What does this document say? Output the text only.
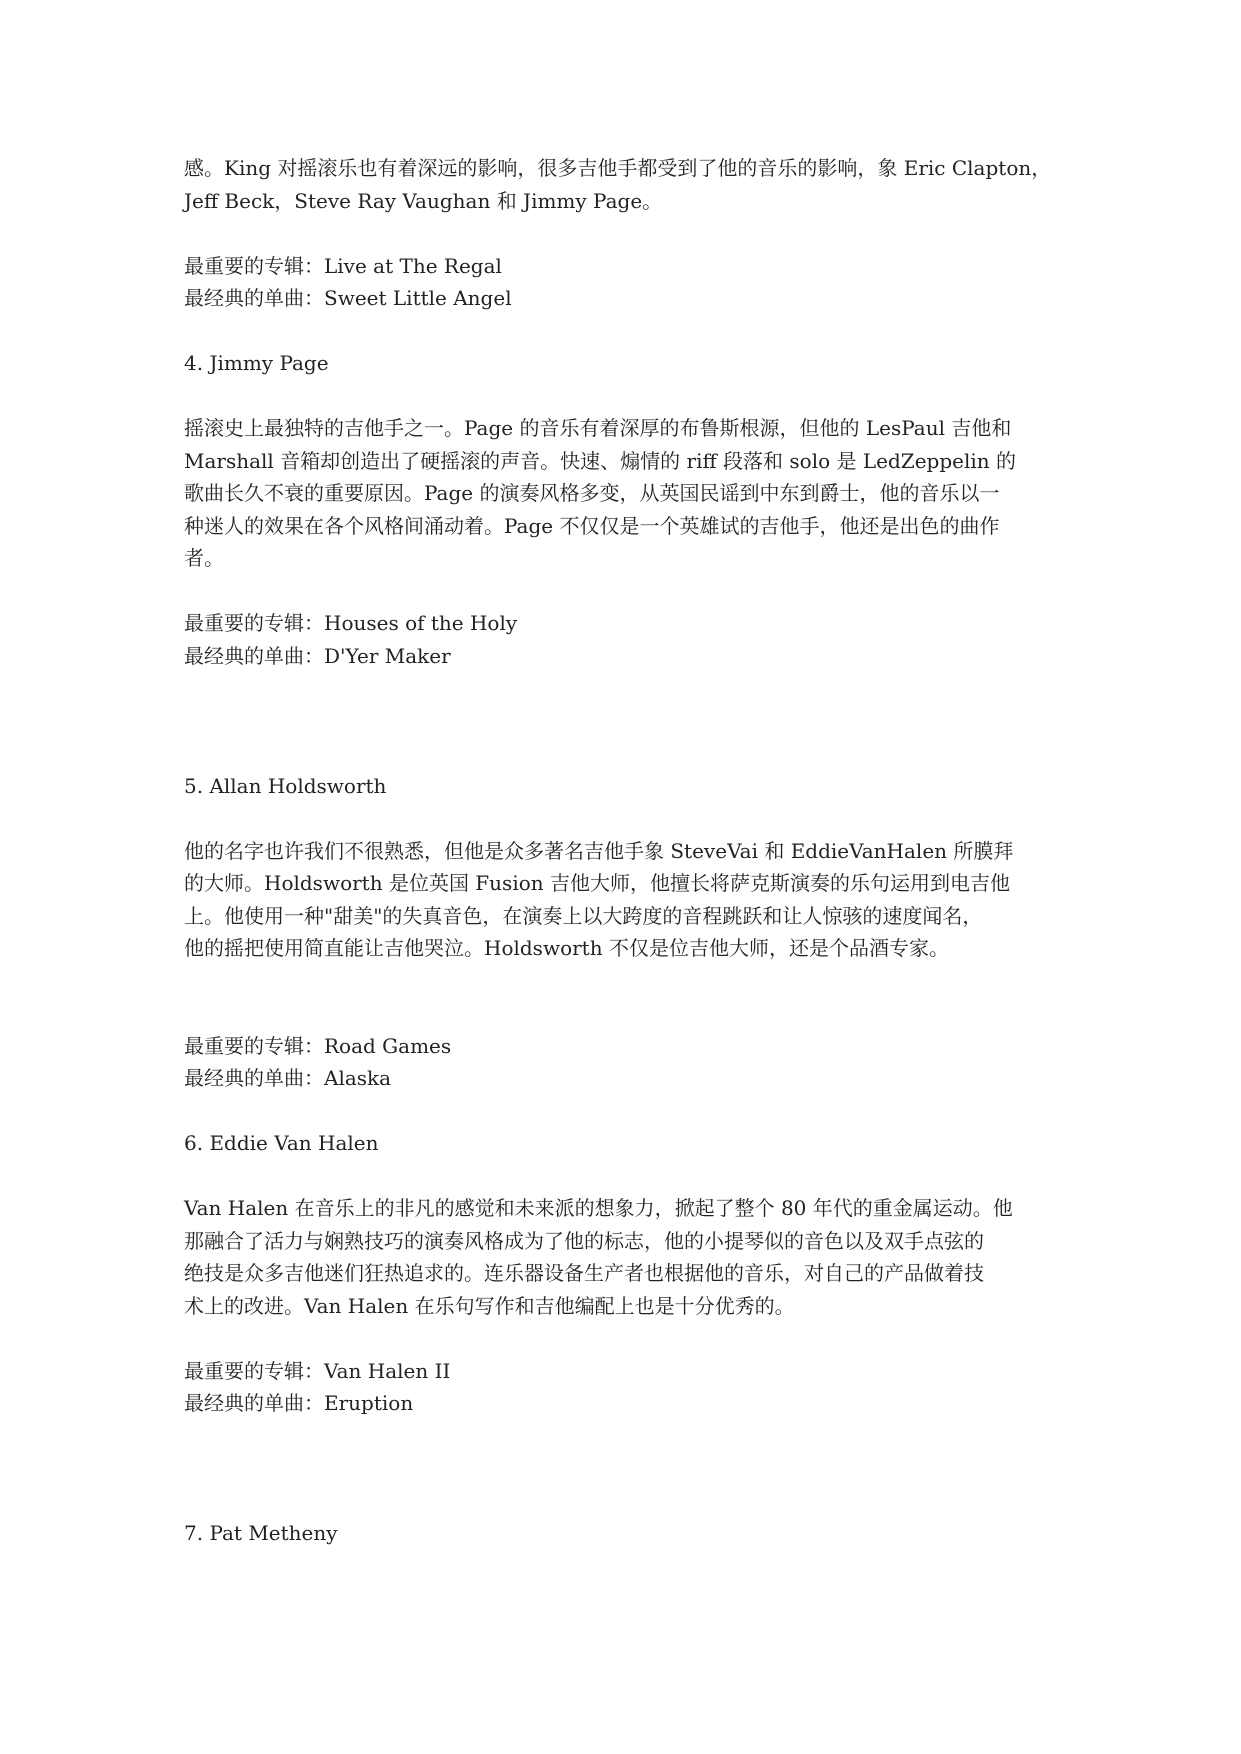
感。King 对摇滚乐也有着深远的影响，很多吉他手都受到了他的音乐的影响，象 Eric Clapton，
Jeff Beck，Steve Ray Vaughan 和 Jimmy Page。
最重要的专辑：Live at The Regal
最经典的单曲：Sweet Little Angel
4. Jimmy Page
摇滚史上最独特的吉他手之一。Page 的音乐有着深厚的布鲁斯根源，但他的 LesPaul 吉他和
Marshall 音箱却创造出了硬摇滚的声音。快速、煽情的 riff 段落和 solo 是 LedZeppelin 的
歌曲长久不衰的重要原因。Page 的演奏风格多变，从英国民谣到中东到爵士，他的音乐以一
种迷人的效果在各个风格间涌动着。Page 不仅仅是一个英雄试的吉他手，他还是出色的曲作
者。
最重要的专辑：Houses of the Holy
最经典的单曲：D'Yer Maker
5. Allan Holdsworth
他的名字也许我们不很熟悉，但他是众多著名吉他手象 SteveVai 和 EddieVanHalen 所膜拜
的大师。Holdsworth 是位英国 Fusion 吉他大师，他擅长将萨克斯演奏的乐句运用到电吉他
上。他使用一种"甜美"的失真音色，在演奏上以大跨度的音程跳跃和让人惊骇的速度闻名，
他的摇把使用简直能让吉他哭泣。Holdsworth 不仅是位吉他大师，还是个品酒专家。
最重要的专辑：Road Games
最经典的单曲：Alaska
6. Eddie Van Halen
Van Halen 在音乐上的非凡的感觉和未来派的想象力，掀起了整个 80 年代的重金属运动。他
那融合了活力与娴熟技巧的演奏风格成为了他的标志，他的小提琴似的音色以及双手点弦的
绝技是众多吉他迷们狂热追求的。连乐器设备生产者也根据他的音乐，对自己的产品做着技
术上的改进。Van Halen 在乐句写作和吉他编配上也是十分优秀的。
最重要的专辑：Van Halen II
最经典的单曲：Eruption
7. Pat Metheny
